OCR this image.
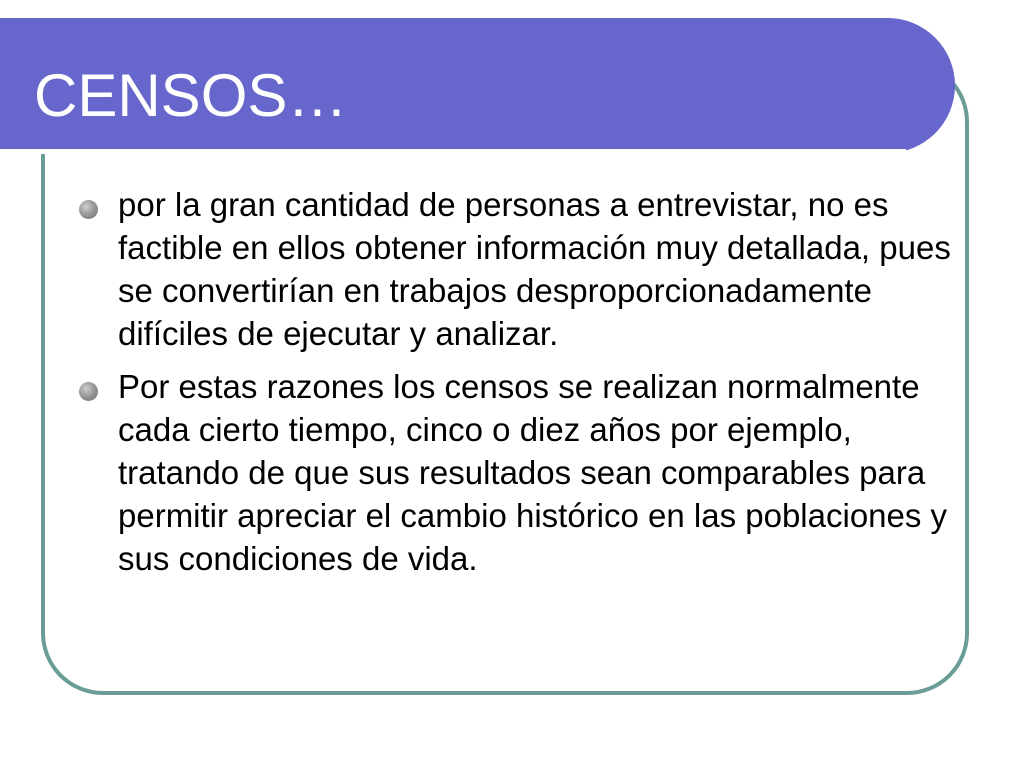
CENSOS…
por la gran cantidad de personas a entrevistar, no es factible en ellos obtener información muy detallada, pues se convertirían en trabajos desproporcionadamente difíciles de ejecutar y analizar.
Por estas razones los censos se realizan normalmente cada cierto tiempo, cinco o diez años por ejemplo, tratando de que sus resultados sean comparables para permitir apreciar el cambio histórico en las poblaciones y sus condiciones de vida.
